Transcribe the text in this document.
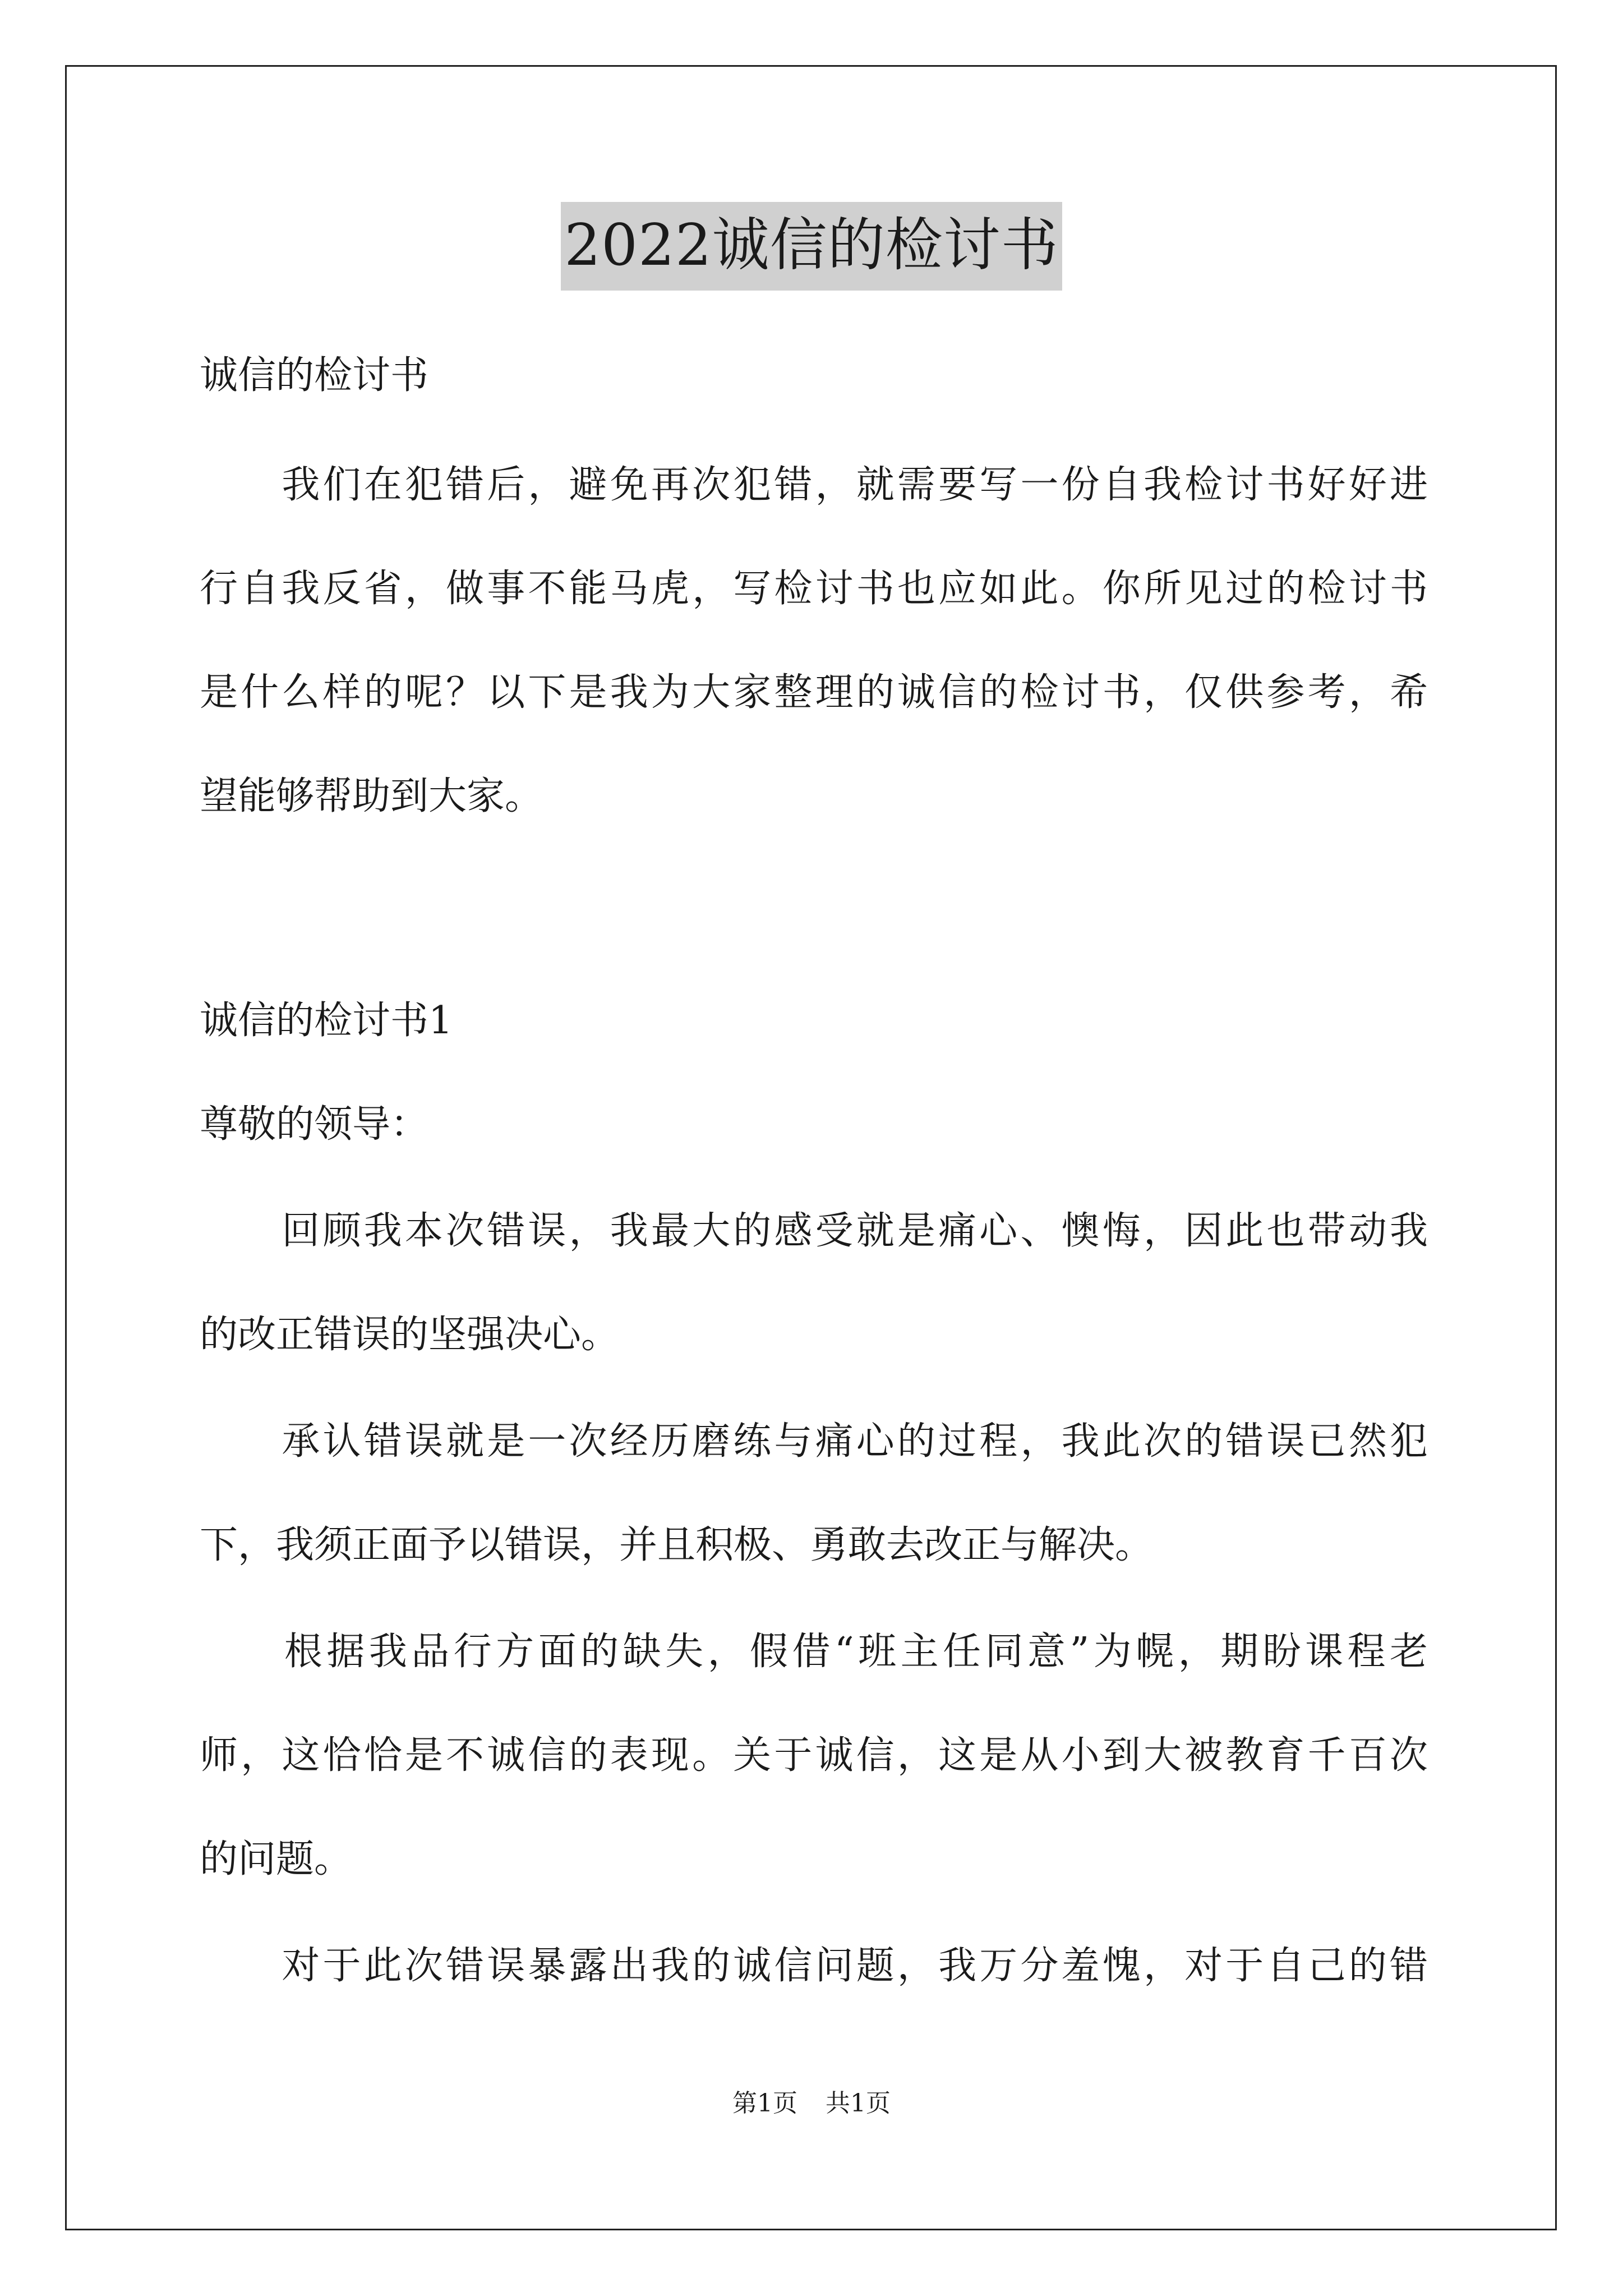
2022诚信的检讨书
诚信的检讨书
　　我们在犯错后，避免再次犯错，就需要写一份自我检讨书好好进
行自我反省，做事不能马虎，写检讨书也应如此。你所见过的检讨书
是什么样的呢？以下是我为大家整理的诚信的检讨书，仅供参考，希
望能够帮助到大家。
诚信的检讨书1
尊敬的领导：
　　回顾我本次错误，我最大的感受就是痛心、懊悔，因此也带动我
的改正错误的坚强决心。
　　承认错误就是一次经历磨练与痛心的过程，我此次的错误已然犯
下，我须正面予以错误，并且积极、勇敢去改正与解决。
　　根据我品行方面的缺失，假借“班主任同意”为幌，期盼课程老
师，这恰恰是不诚信的表现。关于诚信，这是从小到大被教育千百次
的问题。
　　对于此次错误暴露出我的诚信问题，我万分羞愧，对于自己的错
第1页 共1页
